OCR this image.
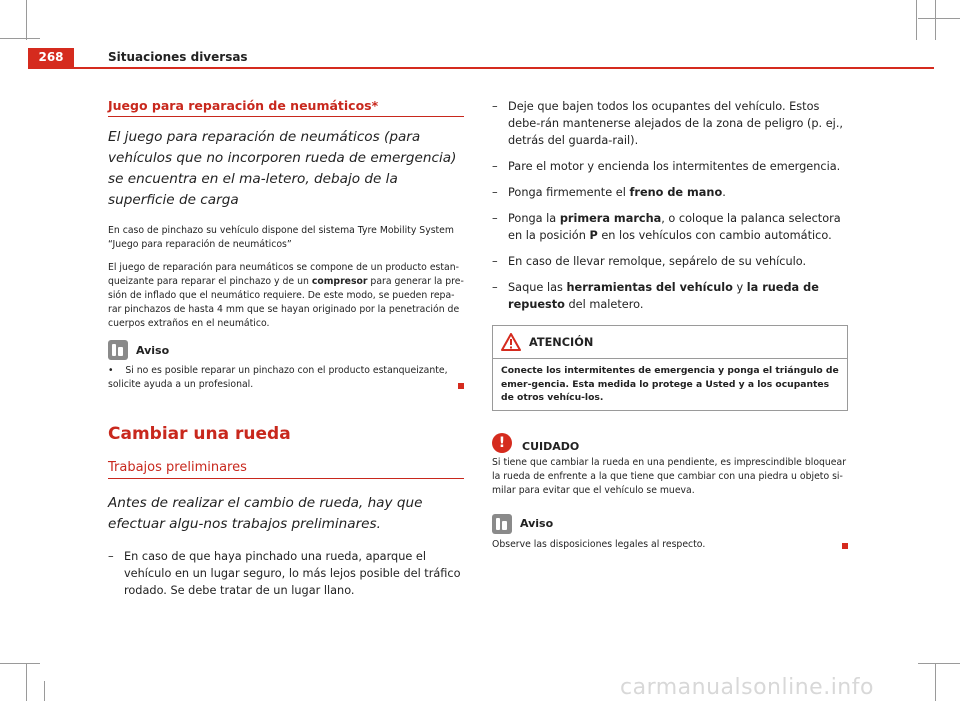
268	Situaciones diversas
Juego para reparación de neumáticos*
El juego para reparación de neumáticos (para vehículos que no incorporen rueda de emergencia) se encuentra en el ma-letero, debajo de la superficie de carga

En caso de pinchazo su vehículo dispone del sistema Tyre Mobility System “Juego para reparación de neumáticos”

El juego de reparación para neumáticos se compone de un producto estan-queizante para reparar el pinchazo y de un compresor para generar la pre-sión de inflado que el neumático requiere. De este modo, se pueden repa-rar pinchazos de hasta 4 mm que se hayan originado por la penetración de cuerpos extraños en el neumático.

Aviso

• Si no es posible reparar un pinchazo con el producto estanqueizante, solicite ayuda a un profesional.

Cambiar una rueda
Trabajos preliminares
Antes de realizar el cambio de rueda, hay que efectuar algu-nos trabajos preliminares.
– En caso de que haya pinchado una rueda, aparque el vehículo en un lugar seguro, lo más lejos posible del tráfico rodado. Se debe tratar de un lugar llano.
– Deje que bajen todos los ocupantes del vehículo. Estos debe-rán mantenerse alejados de la zona de peligro (p. ej., detrás del guarda-rail).
– Pare el motor y encienda los intermitentes de emergencia.
– Ponga firmemente el freno de mano.
– Ponga la primera marcha, o coloque la palanca selectora en la posición P en los vehículos con cambio automático.
– En caso de llevar remolque, sepárelo de su vehículo.
– Saque las herramientas del vehículo y la rueda de repuesto del maletero.
ATENCIÓN
Conecte los intermitentes de emergencia y ponga el triángulo de emer-gencia. Esta medida lo protege a Usted y a los ocupantes de otros vehícu-los.
!	CUIDADO

Si tiene que cambiar la rueda en una pendiente, es imprescindible bloquear la rueda de enfrente a la que tiene que cambiar con una piedra u objeto si-milar para evitar que el vehículo se mueva.

Aviso

Observe las disposiciones legales al respecto.

carmanualsonline.info
